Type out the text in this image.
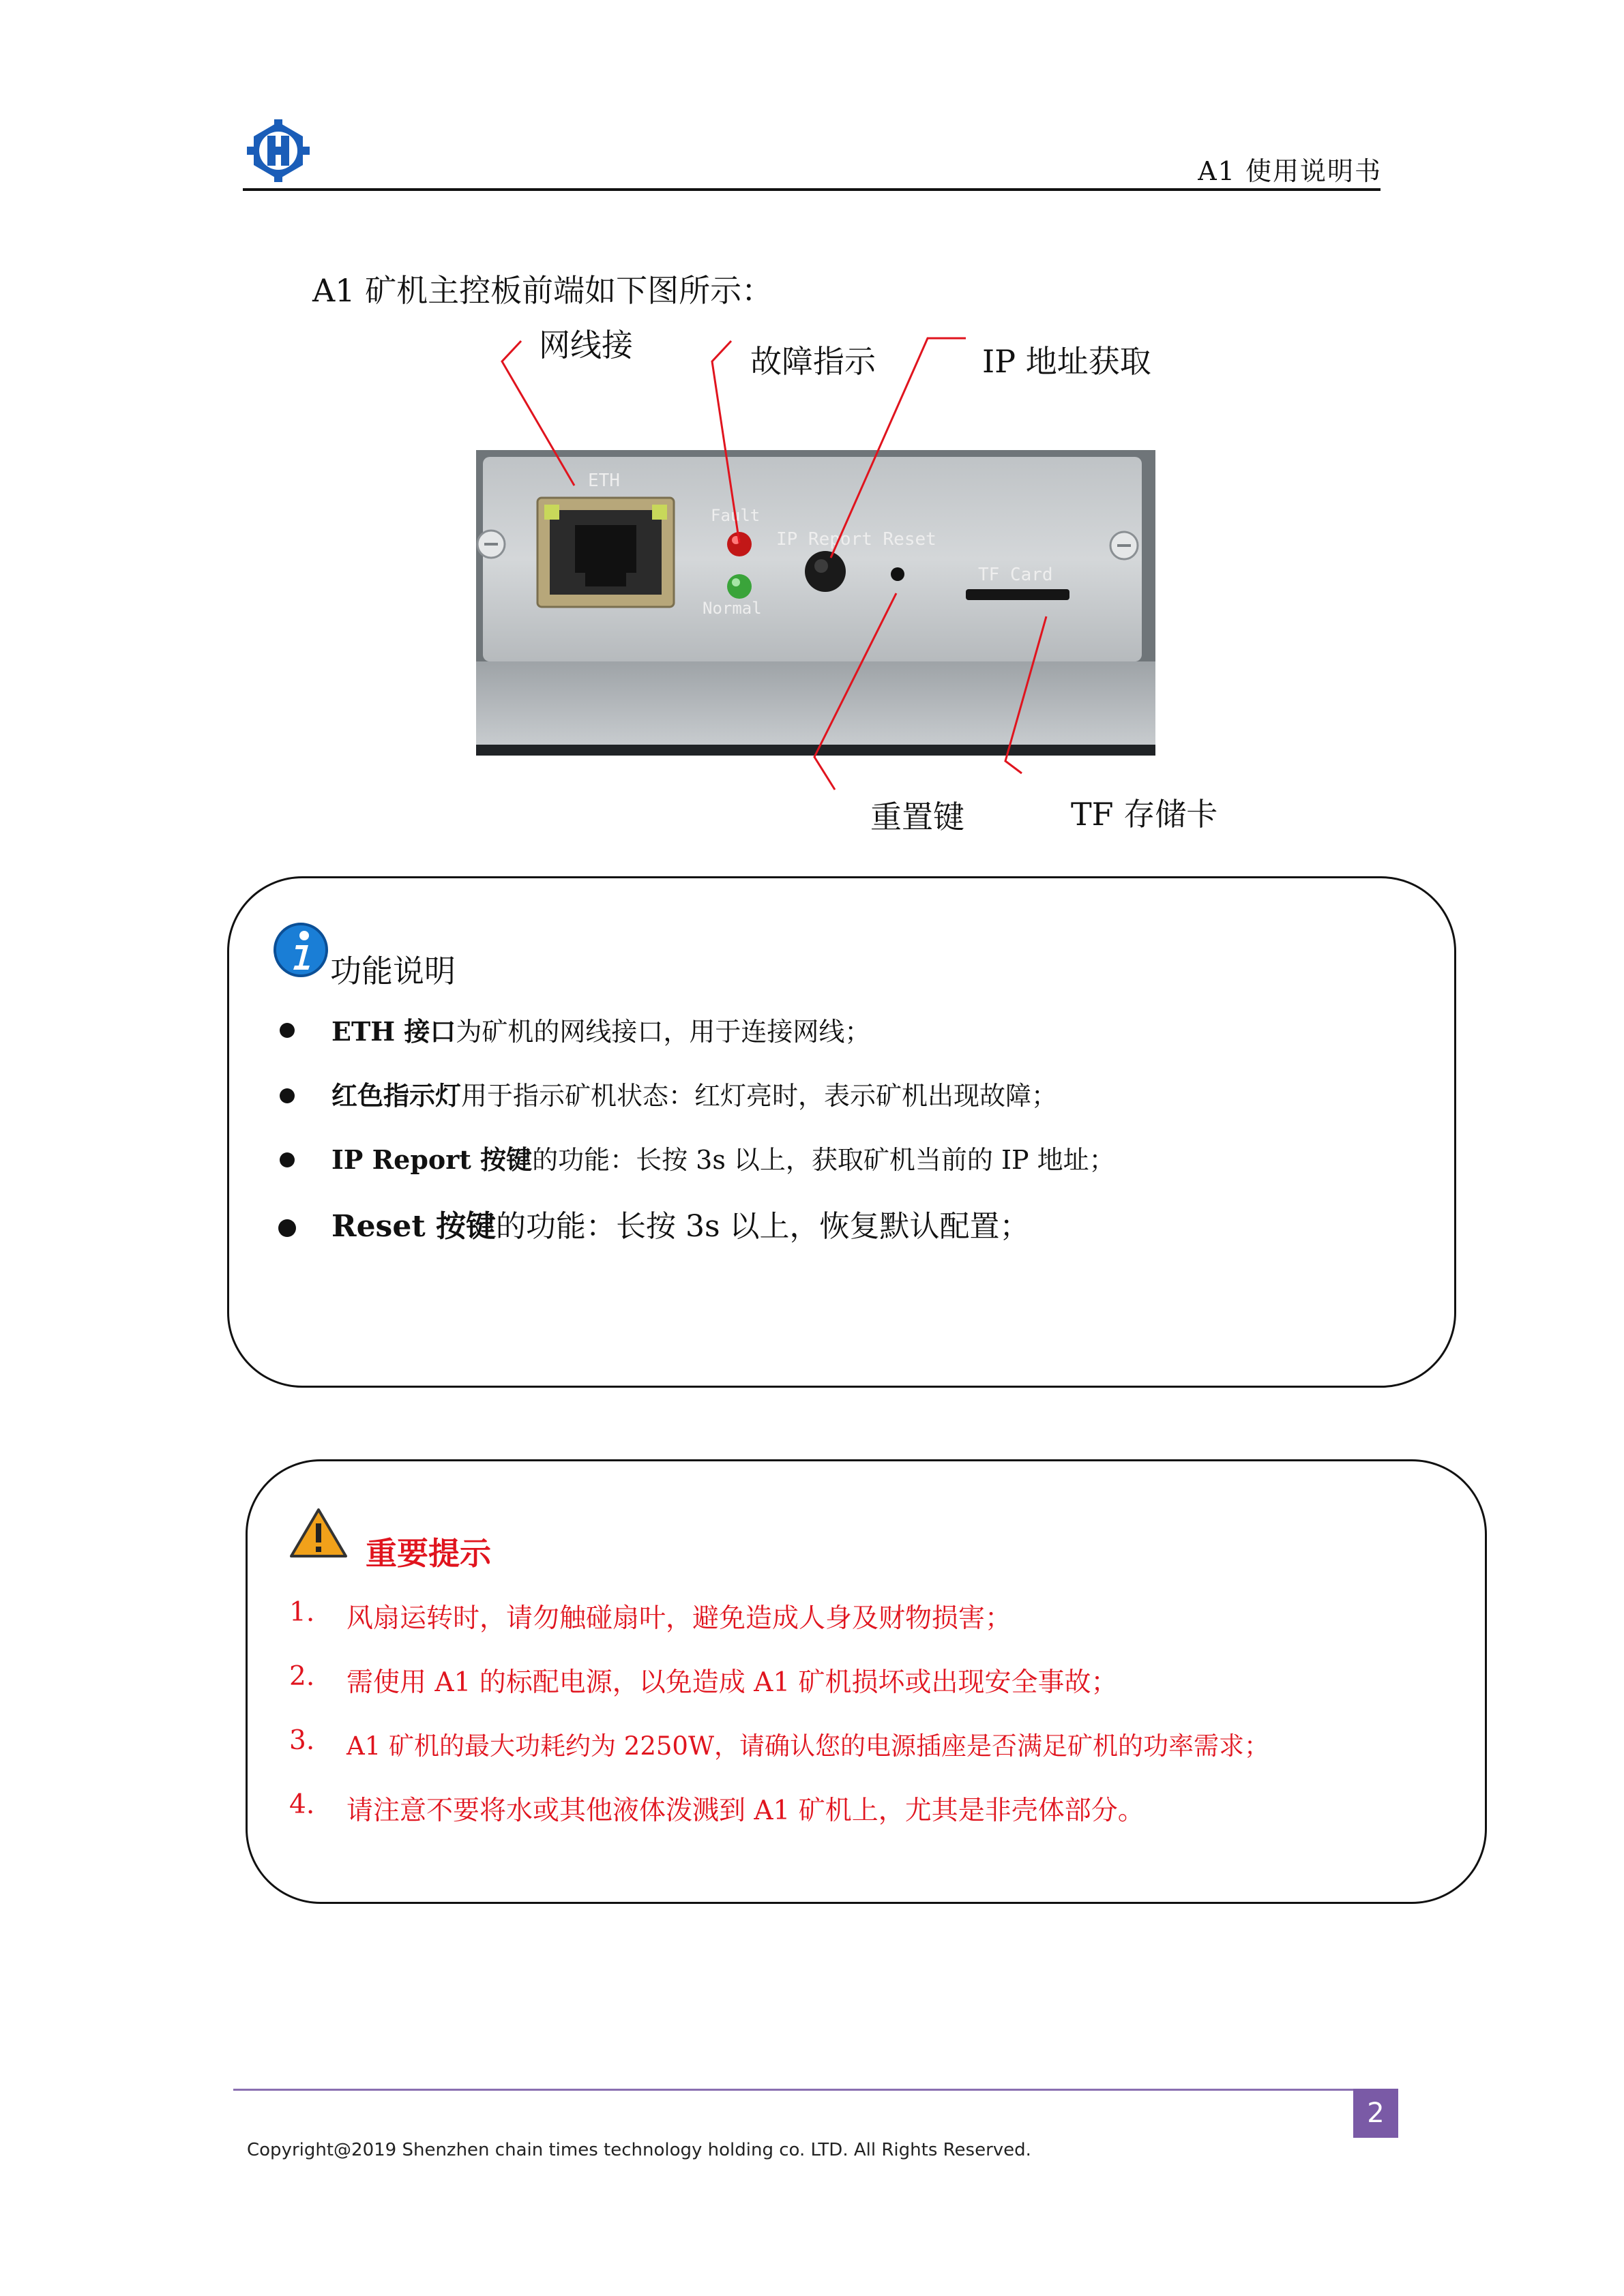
A1 使用说明书
A1 矿机主控板前端如下图所示：
网线接	故障指示	IP 地址获取
重置键	TF 存储卡
ETH
Fault
Normal
IP Report Reset
TF Card
功能说明
ETH 接口为矿机的网线接口，用于连接网线；
红色指示灯用于指示矿机状态：红灯亮时，表示矿机出现故障；
IP Report 按键的功能：长按 3s 以上，获取矿机当前的 IP 地址；
Reset 按键的功能：长按 3s 以上，恢复默认配置；
重要提示
1. 风扇运转时，请勿触碰扇叶，避免造成人身及财物损害；
2. 需使用 A1 的标配电源，以免造成 A1 矿机损坏或出现安全事故；
3. A1 矿机的最大功耗约为 2250W，请确认您的电源插座是否满足矿机的功率需求；
4. 请注意不要将水或其他液体泼溅到 A1 矿机上，尤其是非壳体部分。
2
Copyright@2019 Shenzhen chain times technology holding co. LTD. All Rights Reserved.
